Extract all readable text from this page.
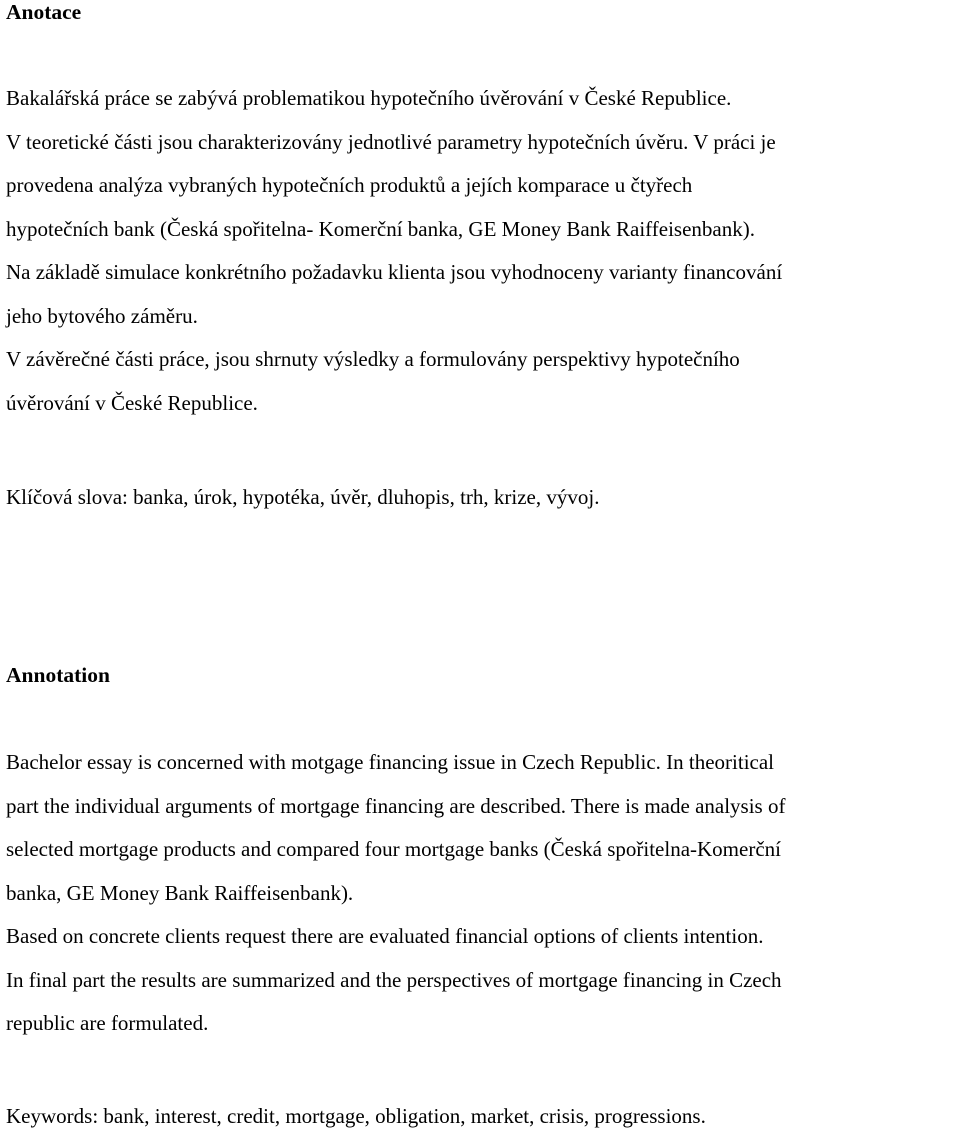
Anotace
Bakalářská práce se zabývá problematikou hypotečního úvěrování v České Republice.
V teoretické části jsou charakterizovány jednotlivé parametry hypotečních úvěru. V práci je
provedena analýza vybraných hypotečních produktů a jejích komparace u čtyřech
hypotečních bank (Česká spořitelna- Komerční banka, GE Money Bank Raiffeisenbank).
Na základě simulace konkrétního požadavku klienta jsou vyhodnoceny varianty financování
jeho bytového záměru.
V závěrečné části práce, jsou shrnuty výsledky a formulovány perspektivy hypotečního
úvěrování v České Republice.
Klíčová slova: banka, úrok, hypotéka, úvěr, dluhopis, trh, krize, vývoj.
Annotation
Bachelor essay is concerned with motgage financing issue in Czech Republic. In theoritical
part the individual arguments of mortgage financing are described. There is made analysis of
selected mortgage products and compared four mortgage banks (Česká spořitelna-Komerční
banka, GE Money Bank Raiffeisenbank).
Based on concrete clients request there are evaluated financial options of clients intention.
In final part the results are summarized and the perspectives of mortgage financing in Czech
republic are formulated.
Keywords: bank, interest, credit, mortgage, obligation, market, crisis, progressions.
